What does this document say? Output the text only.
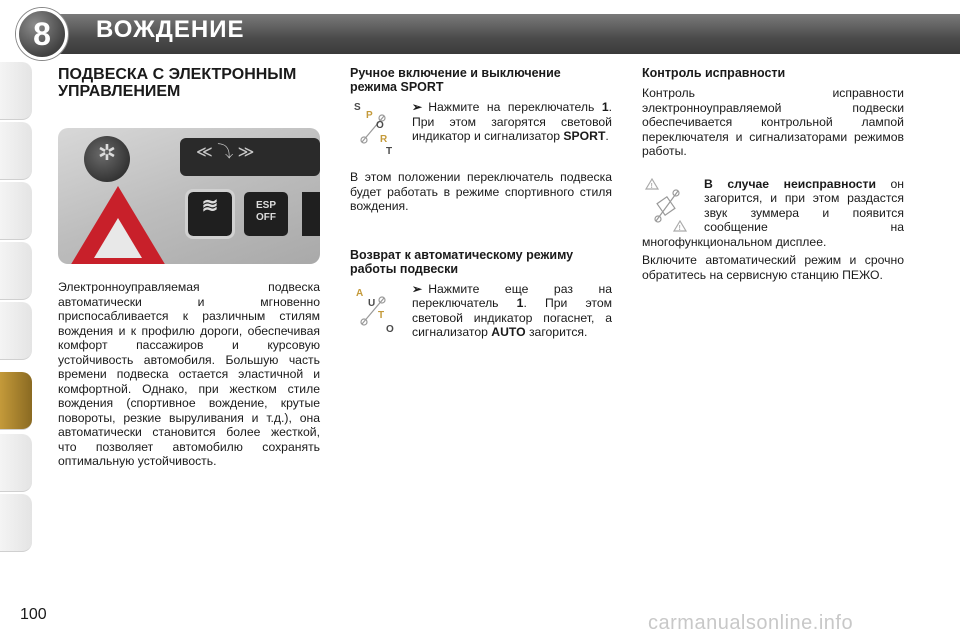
8 ВОЖДЕНИЕ
ПОДВЕСКА С ЭЛЕКТРОННЫМ
УПРАВЛЕНИЕМ
✲	≪ ⤵ ≫
≋	ESP
OFF

Электронноуправляемая подвеска автоматически и мгновенно приспосабливается к различным стилям вождения и к профилю дороги, обеспечивая комфорт пассажиров и курсовую устойчивость автомобиля. Большую часть времени подвеска остается эластичной и комфортной. Однако, при жестком стиле вождения (спортивное вождение, крутые повороты, резкие выруливания и т.д.), она автоматически становится более жесткой, что позволяет автомобилю сохранять оптимальную устойчивость.

Ручное включение и выключение
режима SPORT
S
P
O
R
T

➢ Нажмите на переключатель 1. При этом загорятся световой индикатор и сигнализатор SPORT.

В этом положении переключатель подвеска будет работать в режиме спортивного стиля вождения.

Возврат к автоматическому режиму
работы подвески
A
U
T
O

➢ Нажмите еще раз на переключатель 1. При этом световой индикатор погаснет, а сигнализатор AUTO загорится.

Контроль исправности

Контроль исправности электронноуправляемой подвески обеспечивается контрольной лампой переключателя и сигнализаторами режимов работы.

!
!

В случае неисправности он загорится, и при этом раздастся звук зуммера и появится сообщение на многофункциональном дисплее.

Включите автоматический режим и срочно обратитесь на сервисную станцию ПЕЖО.

100	carmanualsonline.info
